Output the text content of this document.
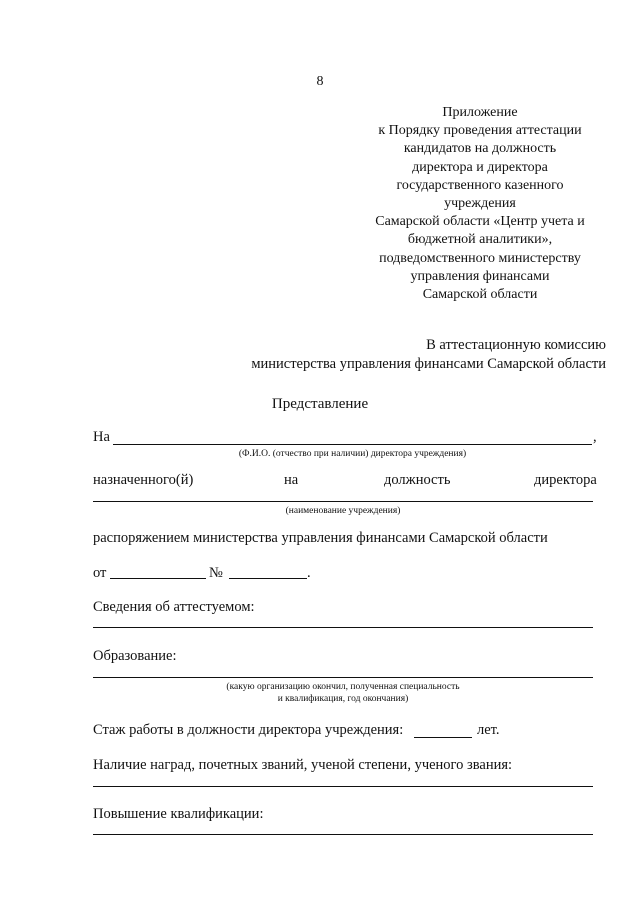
8
Приложение
к Порядку проведения аттестации
кандидатов на должность
директора и директора
государственного казенного
учреждения
Самарской области «Центр учета и
бюджетной аналитики»,
подведомственного министерству
управления финансами
Самарской области
В аттестационную комиссию
министерства управления финансами Самарской области
Представление
На	,
(Ф.И.О. (отчество при наличии) директора учреждения)
назначенного(й)	на	должность	директора
(наименование учреждения)
распоряжением министерства управления финансами Самарской области
от	№	.
Сведения об аттестуемом:
Образование:
(какую организацию окончил, полученная специальность
и квалификация, год окончания)
Стаж работы в должности директора учреждения:	лет.
Наличие наград, почетных званий, ученой степени, ученого звания:
Повышение квалификации:
